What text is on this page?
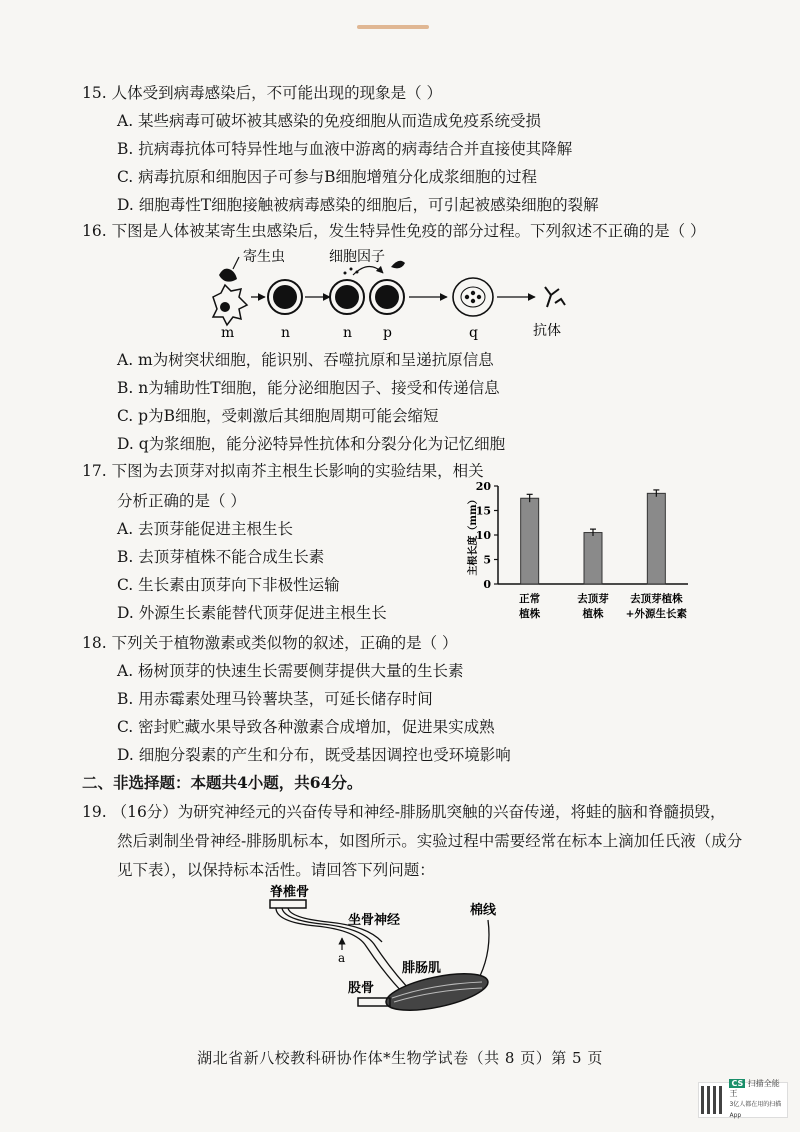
15. 人体受到病毒感染后，不可能出现的现象是（ ）
A. 某些病毒可破坏被其感染的免疫细胞从而造成免疫系统受损
B. 抗病毒抗体可特异性地与血液中游离的病毒结合并直接使其降解
C. 病毒抗原和细胞因子可参与B细胞增殖分化成浆细胞的过程
D. 细胞毒性T细胞接触被病毒感染的细胞后，可引起被感染细胞的裂解
16. 下图是人体被某寄生虫感染后，发生特异性免疫的部分过程。下列叙述不正确的是（ ）
寄生虫	细胞因子
抗体
m	n	n p	q
A. m为树突状细胞，能识别、吞噬抗原和呈递抗原信息
B. n为辅助性T细胞，能分泌细胞因子、接受和传递信息
C. p为B细胞，受刺激后其细胞周期可能会缩短
D. q为浆细胞，能分泌特异性抗体和分裂分化为记忆细胞
17. 下图为去顶芽对拟南芥主根生长影响的实验结果，相关
分析正确的是（ ）
A. 去顶芽能促进主根生长
B. 去顶芽植株不能合成生长素
C. 生长素由顶芽向下非极性运输
D. 外源生长素能替代顶芽促进主根生长
主根长度（mm）
0
5
10
15
20
正常
植株
去顶芽
植株
去顶芽植株
+外源生长素
18. 下列关于植物激素或类似物的叙述，正确的是（ ）
A. 杨树顶芽的快速生长需要侧芽提供大量的生长素
B. 用赤霉素处理马铃薯块茎，可延长储存时间
C. 密封贮藏水果导致各种激素合成增加，促进果实成熟
D. 细胞分裂素的产生和分布，既受基因调控也受环境影响
二、非选择题：本题共4小题，共64分。
19. （16分）为研究神经元的兴奋传导和神经-腓肠肌突触的兴奋传递，将蛙的脑和脊髓损毁，
然后剥制坐骨神经-腓肠肌标本，如图所示。实验过程中需要经常在标本上滴加任氏液（成分
见下表），以保持标本活性。请回答下列问题：
脊椎骨
坐骨神经
a
棉线
腓肠肌
股骨
湖北省新八校教科研协作体*生物学试卷（共 8 页）第 5 页
CS 扫描全能王
3亿人都在用的扫描App
